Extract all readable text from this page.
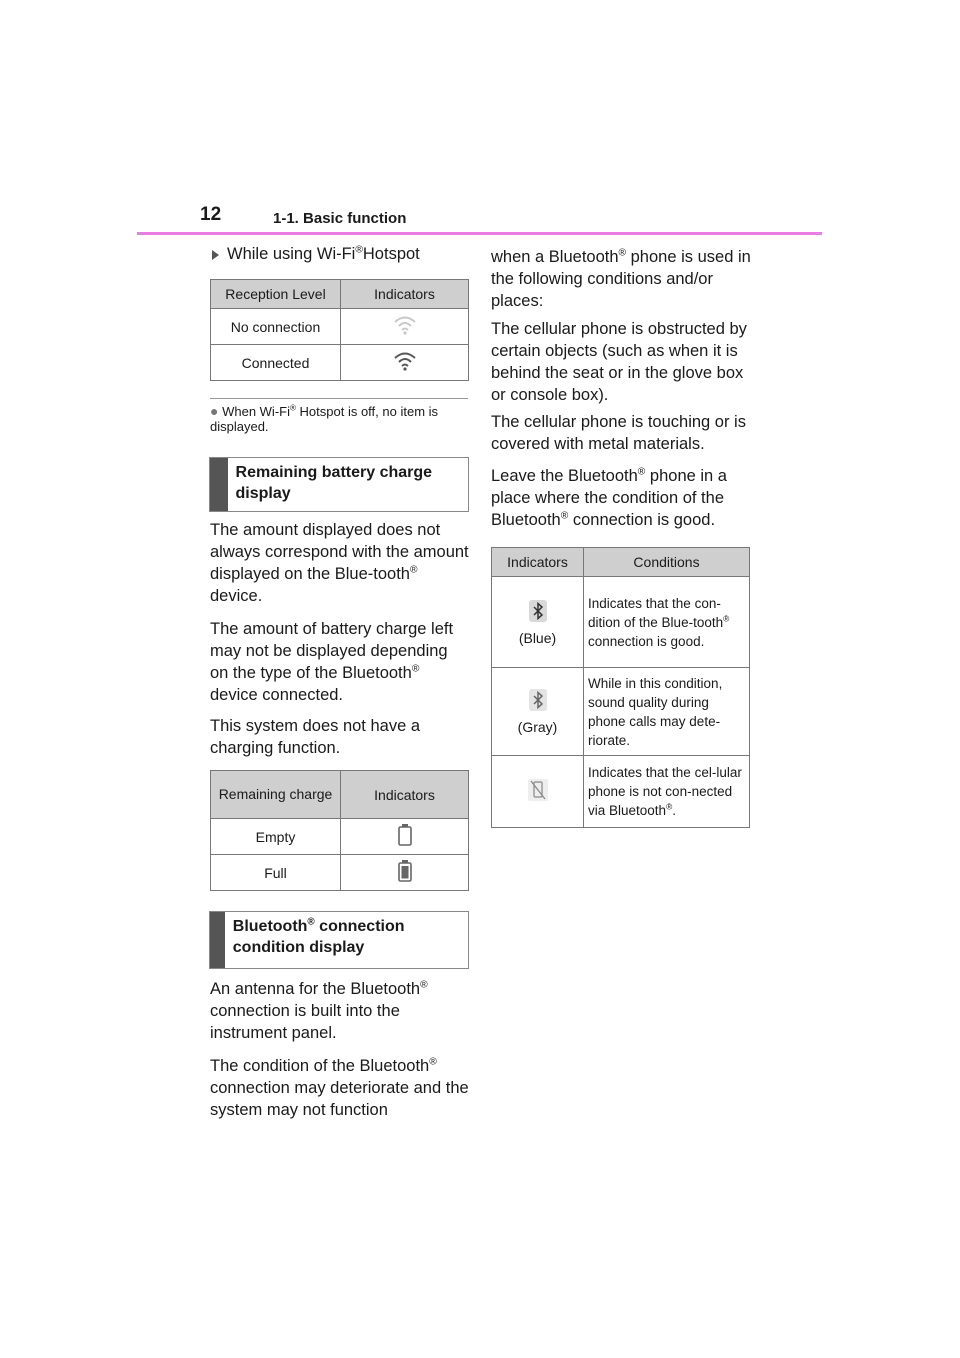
12	1-1. Basic function
While using Wi-Fi®Hotspot
Reception Level	Indicators
No connection	
Connected	
● When Wi-Fi® Hotspot is off, no item is displayed.
Remaining battery charge display

The amount displayed does not always correspond with the amount displayed on the Blue-tooth® device.

The amount of battery charge left may not be displayed depending on the type of the Bluetooth® device connected.

This system does not have a charging function.

Remaining charge	Indicators
Empty	
Full	
Bluetooth® connection condition display

An antenna for the Bluetooth® connection is built into the instrument panel.

The condition of the Bluetooth® connection may deteriorate and the system may not function

when a Bluetooth® phone is used in the following conditions and/or places:

The cellular phone is obstructed by certain objects (such as when it is behind the seat or in the glove box or console box).

The cellular phone is touching or is covered with metal materials.

Leave the Bluetooth® phone in a place where the condition of the Bluetooth® connection is good.

Indicators	Conditions

(Blue)	Indicates that the con-dition of the Blue-tooth® connection is good.

(Gray)	While in this condition, sound quality during phone calls may dete-riorate.
	Indicates that the cel-lular phone is not con-nected via Bluetooth®.
